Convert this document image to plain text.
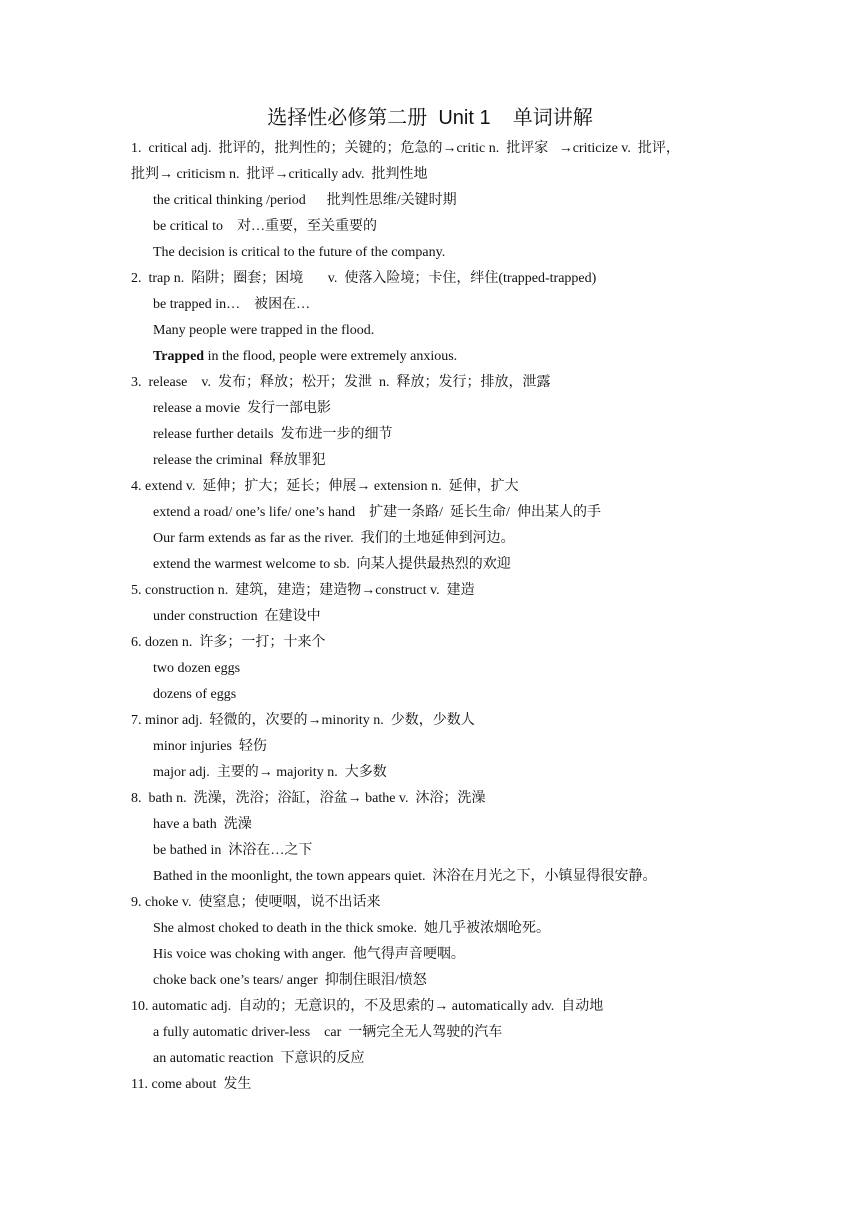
选择性必修第二册  Unit 1    单词讲解
1.  critical adj.  批评的，批判性的；关键的；危急的→critic n.  批评家   →criticize v.  批评，
批判→ criticism n.  批评→critically adv.  批判性地
the critical thinking /period      批判性思维/关键时期
be critical to    对…重要，至关重要的
The decision is critical to the future of the company.
2.  trap n.  陷阱；圈套；困境       v.  使落入险境；卡住，绊住(trapped-trapped)
be trapped in…    被困在…
Many people were trapped in the flood.
Trapped in the flood, people were extremely anxious.
3.  release    v.  发布；释放；松开；发泄  n.  释放；发行；排放，泄露
release a movie  发行一部电影
release further details  发布进一步的细节
release the criminal  释放罪犯
4. extend v.  延伸；扩大；延长；伸展→ extension n.  延伸，扩大
extend a road/ one’s life/ one’s hand    扩建一条路/  延长生命/  伸出某人的手
Our farm extends as far as the river.  我们的土地延伸到河边。
extend the warmest welcome to sb.  向某人提供最热烈的欢迎
5. construction n.  建筑，建造；建造物→construct v.  建造
under construction  在建设中
6. dozen n.  许多；一打；十来个
two dozen eggs
dozens of eggs
7. minor adj.  轻微的，次要的→minority n.  少数，少数人
minor injuries  轻伤
major adj.  主要的→ majority n.  大多数
8.  bath n.  洗澡，洗浴；浴缸，浴盆→ bathe v.  沐浴；洗澡
have a bath  洗澡
be bathed in  沐浴在…之下
Bathed in the moonlight, the town appears quiet.  沐浴在月光之下，小镇显得很安静。
9. choke v.  使窒息；使哽咽，说不出话来
She almost choked to death in the thick smoke.  她几乎被浓烟呛死。
His voice was choking with anger.  他气得声音哽咽。
choke back one’s tears/ anger  抑制住眼泪/愤怒
10. automatic adj.  自动的；无意识的，不及思索的→ automatically adv.  自动地
a fully automatic driver-less    car  一辆完全无人驾驶的汽车
an automatic reaction  下意识的反应
11. come about  发生
